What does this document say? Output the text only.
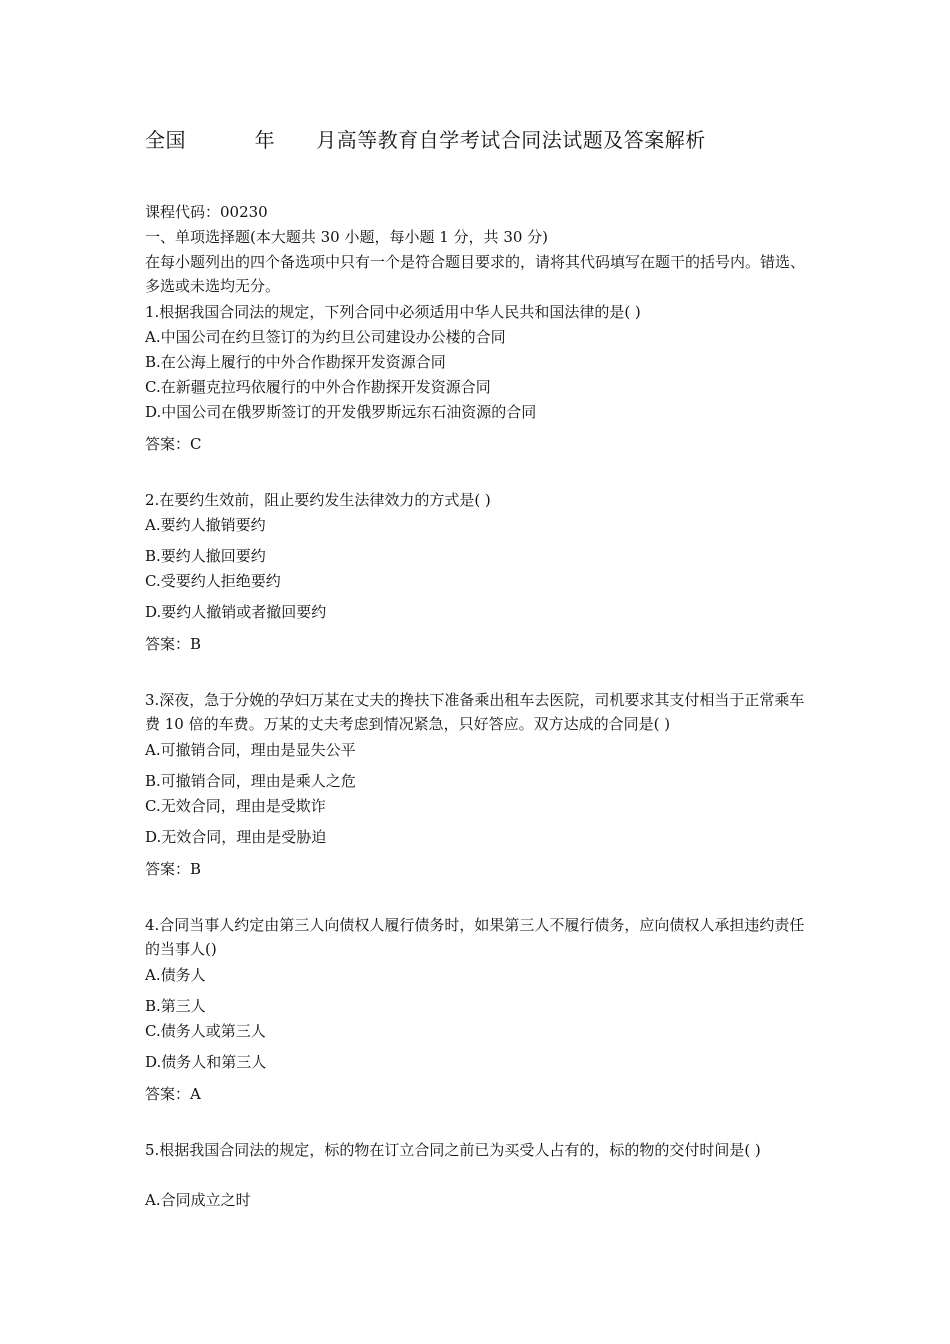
全国	年 月高等教育自学考试合同法试题及答案解析
课程代码：00230
一、单项选择题(本大题共 30 小题，每小题 1 分，共 30 分)
在每小题列出的四个备选项中只有一个是符合题目要求的，请将其代码填写在题干的括号内。错选、多选或未选均无分。
1.根据我国合同法的规定，下列合同中必须适用中华人民共和国法律的是( )
A.中国公司在约旦签订的为约旦公司建设办公楼的合同
B.在公海上履行的中外合作勘探开发资源合同
C.在新疆克拉玛依履行的中外合作勘探开发资源合同
D.中国公司在俄罗斯签订的开发俄罗斯远东石油资源的合同
答案：C
2.在要约生效前，阻止要约发生法律效力的方式是( )
A.要约人撤销要约
B.要约人撤回要约
C.受要约人拒绝要约
D.要约人撤销或者撤回要约
答案：B
3.深夜，急于分娩的孕妇万某在丈夫的搀扶下准备乘出租车去医院，司机要求其支付相当于正常乘车费 10 倍的车费。万某的丈夫考虑到情况紧急，只好答应。双方达成的合同是( )
A.可撤销合同，理由是显失公平
B.可撤销合同，理由是乘人之危
C.无效合同，理由是受欺诈
D.无效合同，理由是受胁迫
答案：B
4.合同当事人约定由第三人向债权人履行债务时，如果第三人不履行债务，应向债权人承担违约责任的当事人()
A.债务人
B.第三人
C.债务人或第三人
D.债务人和第三人
答案：A
5.根据我国合同法的规定，标的物在订立合同之前已为买受人占有的，标的物的交付时间是( )
A.合同成立之时
